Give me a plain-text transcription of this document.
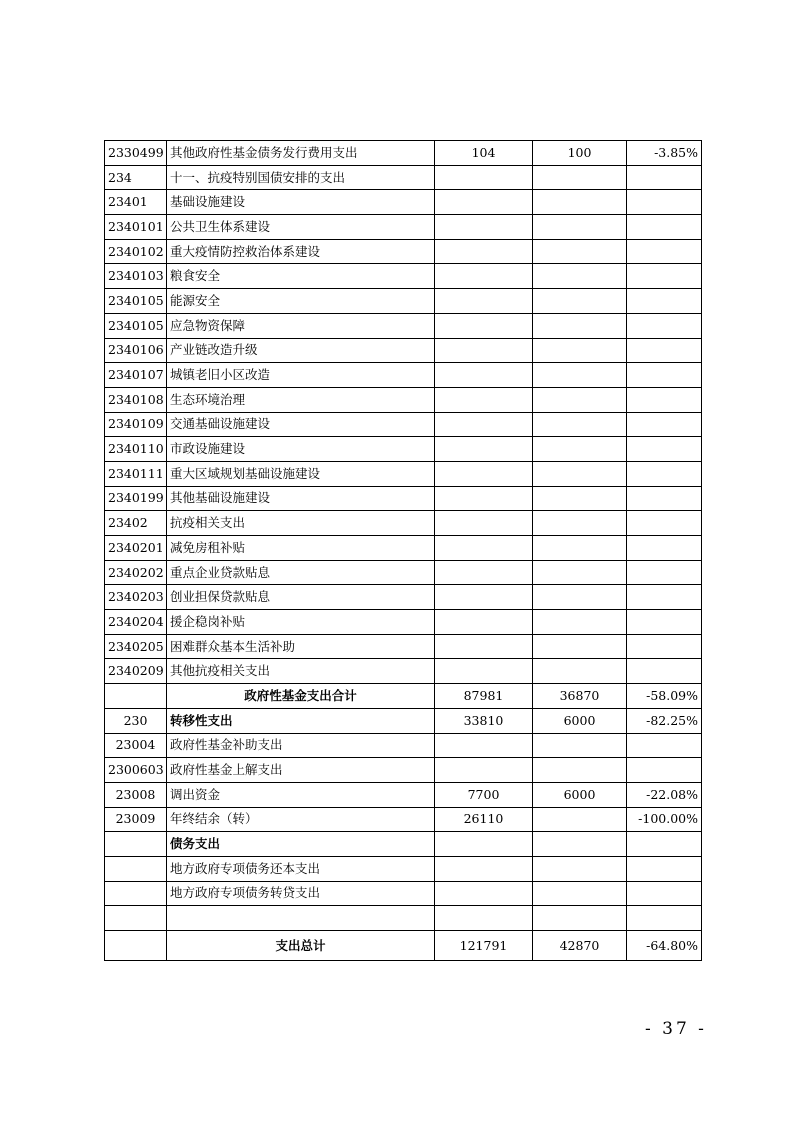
2330499	其他政府性基金债务发行费用支出	104	100	-3.85%
234	十一、抗疫特别国债安排的支出			
23401	基础设施建设			
2340101	公共卫生体系建设			
2340102	重大疫情防控救治体系建设			
2340103	粮食安全			
2340105	能源安全			
2340105	应急物资保障			
2340106	产业链改造升级			
2340107	城镇老旧小区改造			
2340108	生态环境治理			
2340109	交通基础设施建设			
2340110	市政设施建设			
2340111	重大区域规划基础设施建设			
2340199	其他基础设施建设			
23402	抗疫相关支出			
2340201	减免房租补贴			
2340202	重点企业贷款贴息			
2340203	创业担保贷款贴息			
2340204	援企稳岗补贴			
2340205	困难群众基本生活补助			
2340209	其他抗疫相关支出			
	政府性基金支出合计	87981	36870	-58.09%
230	转移性支出	33810	6000	-82.25%
23004	政府性基金补助支出			
2300603	政府性基金上解支出			
23008	调出资金	7700	6000	-22.08%
23009	年终结余（转）	26110		-100.00%
	债务支出			
	地方政府专项债务还本支出			
	地方政府专项债务转贷支出			

	支出总计	121791	42870	-64.80%
- 37 -
